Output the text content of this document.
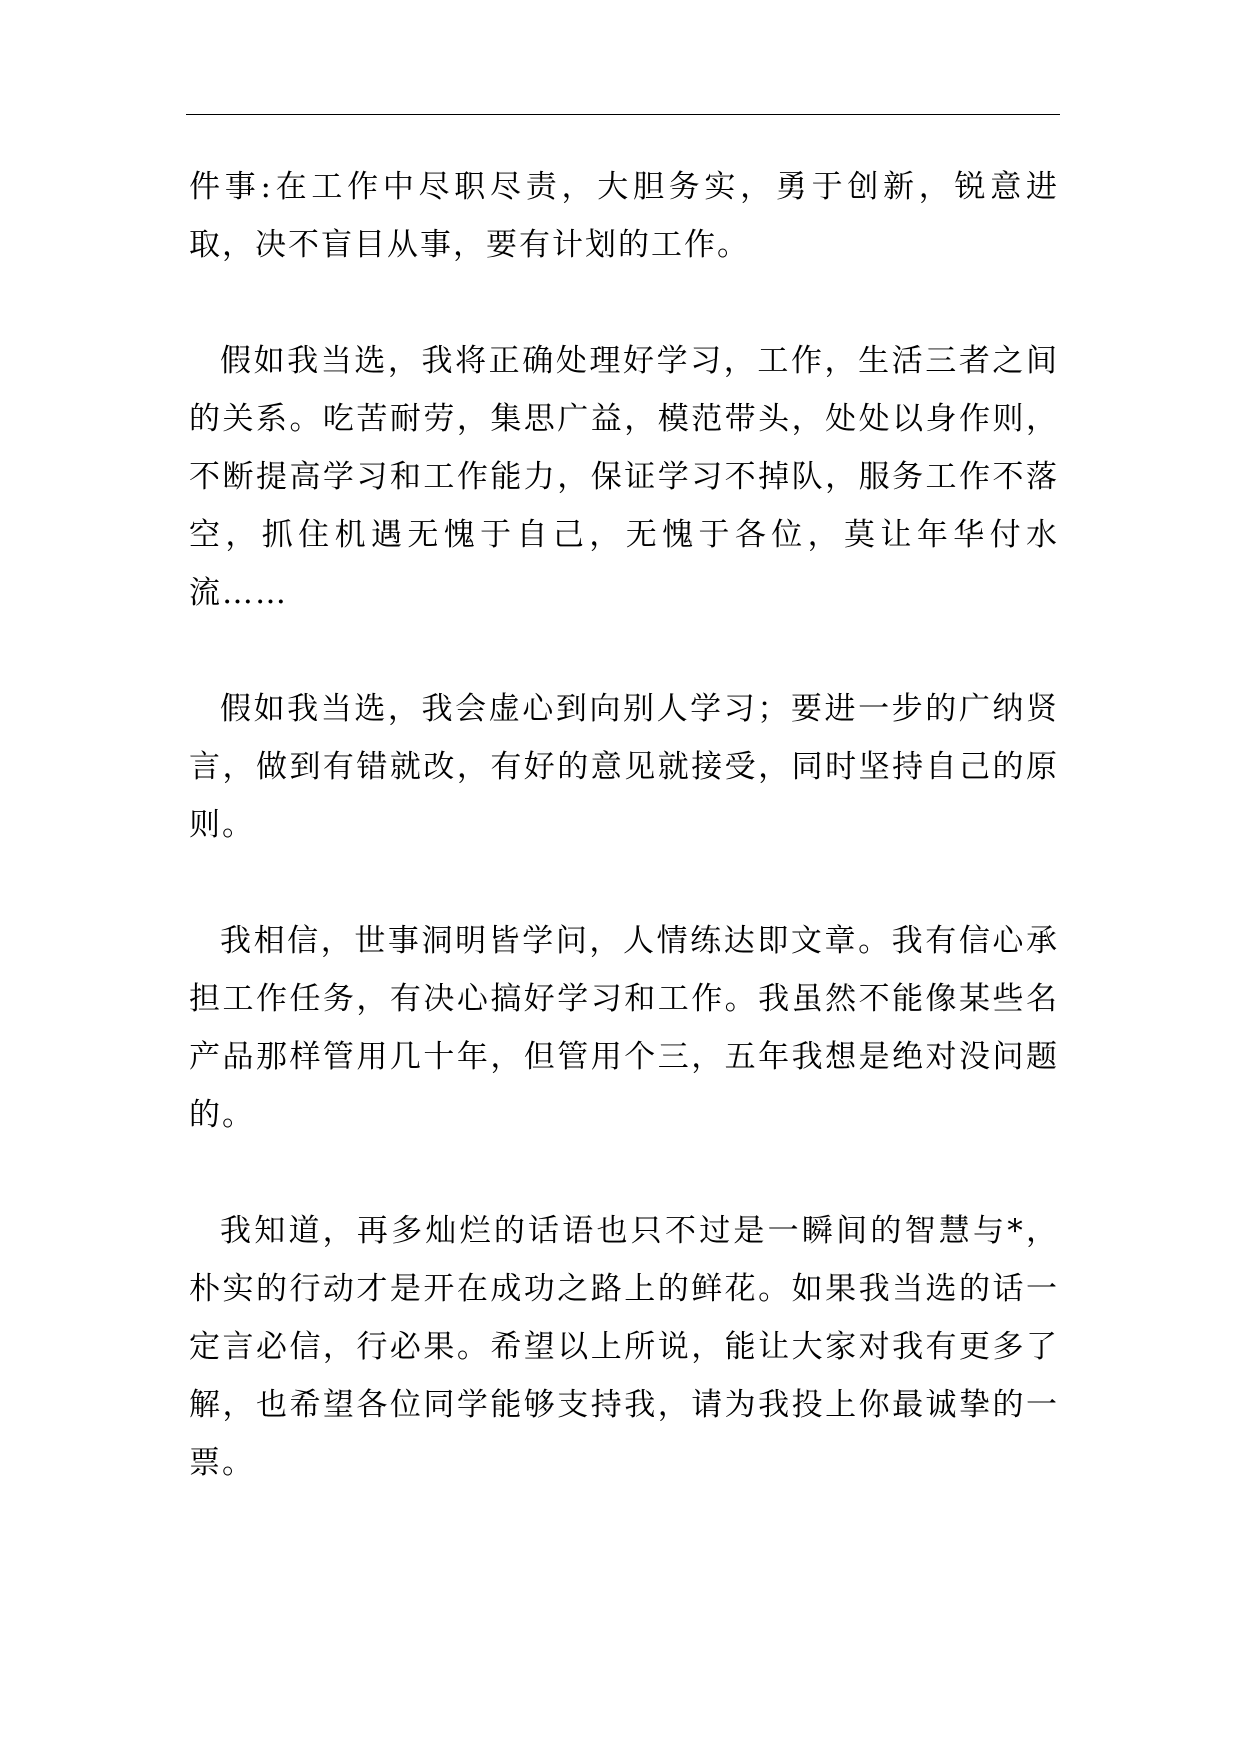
件事:在工作中尽职尽责，大胆务实，勇于创新，锐意进取，决不盲目从事，要有计划的工作。

假如我当选，我将正确处理好学习，工作，生活三者之间的关系。吃苦耐劳，集思广益，模范带头，处处以身作则，不断提高学习和工作能力，保证学习不掉队，服务工作不落空，抓住机遇无愧于自己，无愧于各位，莫让年华付水流……

假如我当选，我会虚心到向别人学习；要进一步的广纳贤言，做到有错就改，有好的意见就接受，同时坚持自己的原则。

我相信，世事洞明皆学问，人情练达即文章。我有信心承担工作任务，有决心搞好学习和工作。我虽然不能像某些名产品那样管用几十年，但管用个三，五年我想是绝对没问题的。

我知道，再多灿烂的话语也只不过是一瞬间的智慧与*，朴实的行动才是开在成功之路上的鲜花。如果我当选的话一定言必信，行必果。希望以上所说，能让大家对我有更多了解，也希望各位同学能够支持我，请为我投上你最诚挚的一票。
